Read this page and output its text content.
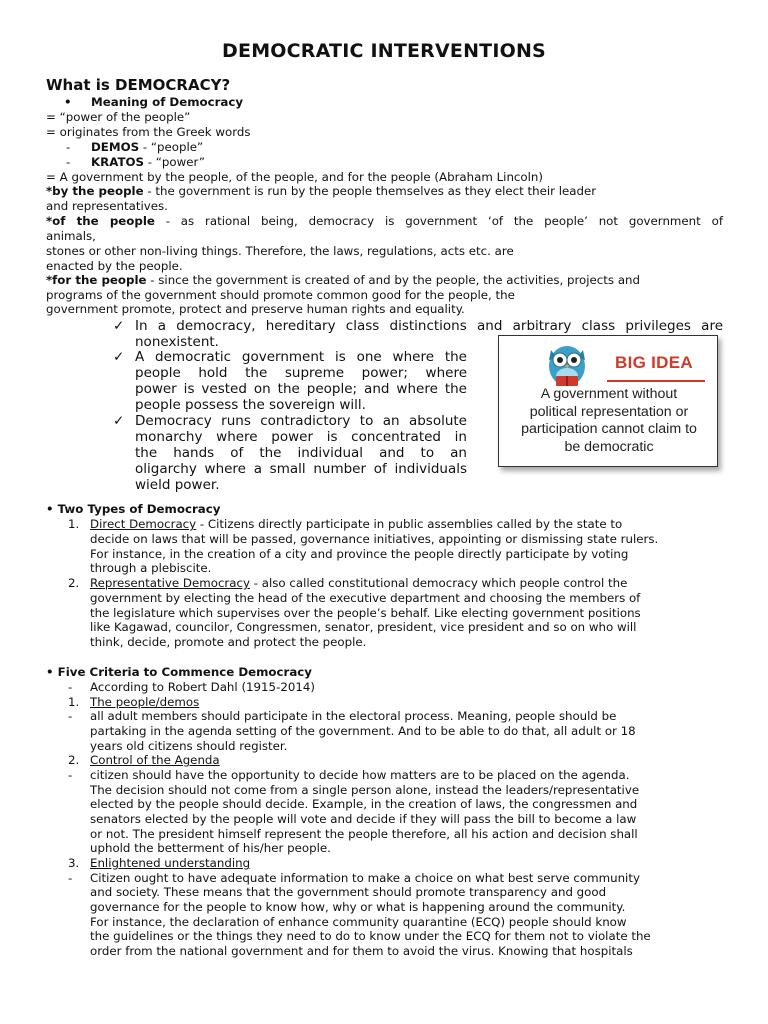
DEMOCRATIC INTERVENTIONS
What is DEMOCRACY?
• Meaning of Democracy
= “power of the people”
= originates from the Greek words
- DEMOS - “people”
- KRATOS - “power”
= A government by the people, of the people, and for the people (Abraham Lincoln)
*by the people - the government is run by the people themselves as they elect their leader
and representatives.
*of the people - as rational being, democracy is government ‘of the people’ not government of
animals,
stones or other non-living things. Therefore, the laws, regulations, acts etc. are
enacted by the people.
*for the people - since the government is created of and by the people, the activities, projects and
programs of the government should promote common good for the people, the
government promote, protect and preserve human rights and equality.
✓ In a democracy, hereditary class distinctions and arbitrary class privileges are
nonexistent.
✓ A democratic government is one where the
people hold the supreme power; where
power is vested on the people; and where the
people possess the sovereign will.
✓ Democracy runs contradictory to an absolute
monarchy where power is concentrated in
the hands of the individual and to an
oligarchy where a small number of individuals
wield power.
BIG IDEA
A government without
political representation or
participation cannot claim to
be democratic
• Two Types of Democracy
1. Direct Democracy - Citizens directly participate in public assemblies called by the state to
decide on laws that will be passed, governance initiatives, appointing or dismissing state rulers.
For instance, in the creation of a city and province the people directly participate by voting
through a plebiscite.
2. Representative Democracy - also called constitutional democracy which people control the
government by electing the head of the executive department and choosing the members of
the legislature which supervises over the people’s behalf. Like electing government positions
like Kagawad, councilor, Congressmen, senator, president, vice president and so on who will
think, decide, promote and protect the people.
• Five Criteria to Commence Democracy
- According to Robert Dahl (1915-2014)
1. The people/demos
- all adult members should participate in the electoral process. Meaning, people should be
partaking in the agenda setting of the government. And to be able to do that, all adult or 18
years old citizens should register.
2. Control of the Agenda
- citizen should have the opportunity to decide how matters are to be placed on the agenda.
The decision should not come from a single person alone, instead the leaders/representative
elected by the people should decide. Example, in the creation of laws, the congressmen and
senators elected by the people will vote and decide if they will pass the bill to become a law
or not. The president himself represent the people therefore, all his action and decision shall
uphold the betterment of his/her people.
3. Enlightened understanding
- Citizen ought to have adequate information to make a choice on what best serve community
and society. These means that the government should promote transparency and good
governance for the people to know how, why or what is happening around the community.
For instance, the declaration of enhance community quarantine (ECQ) people should know
the guidelines or the things they need to do to know under the ECQ for them not to violate the
order from the national government and for them to avoid the virus. Knowing that hospitals
